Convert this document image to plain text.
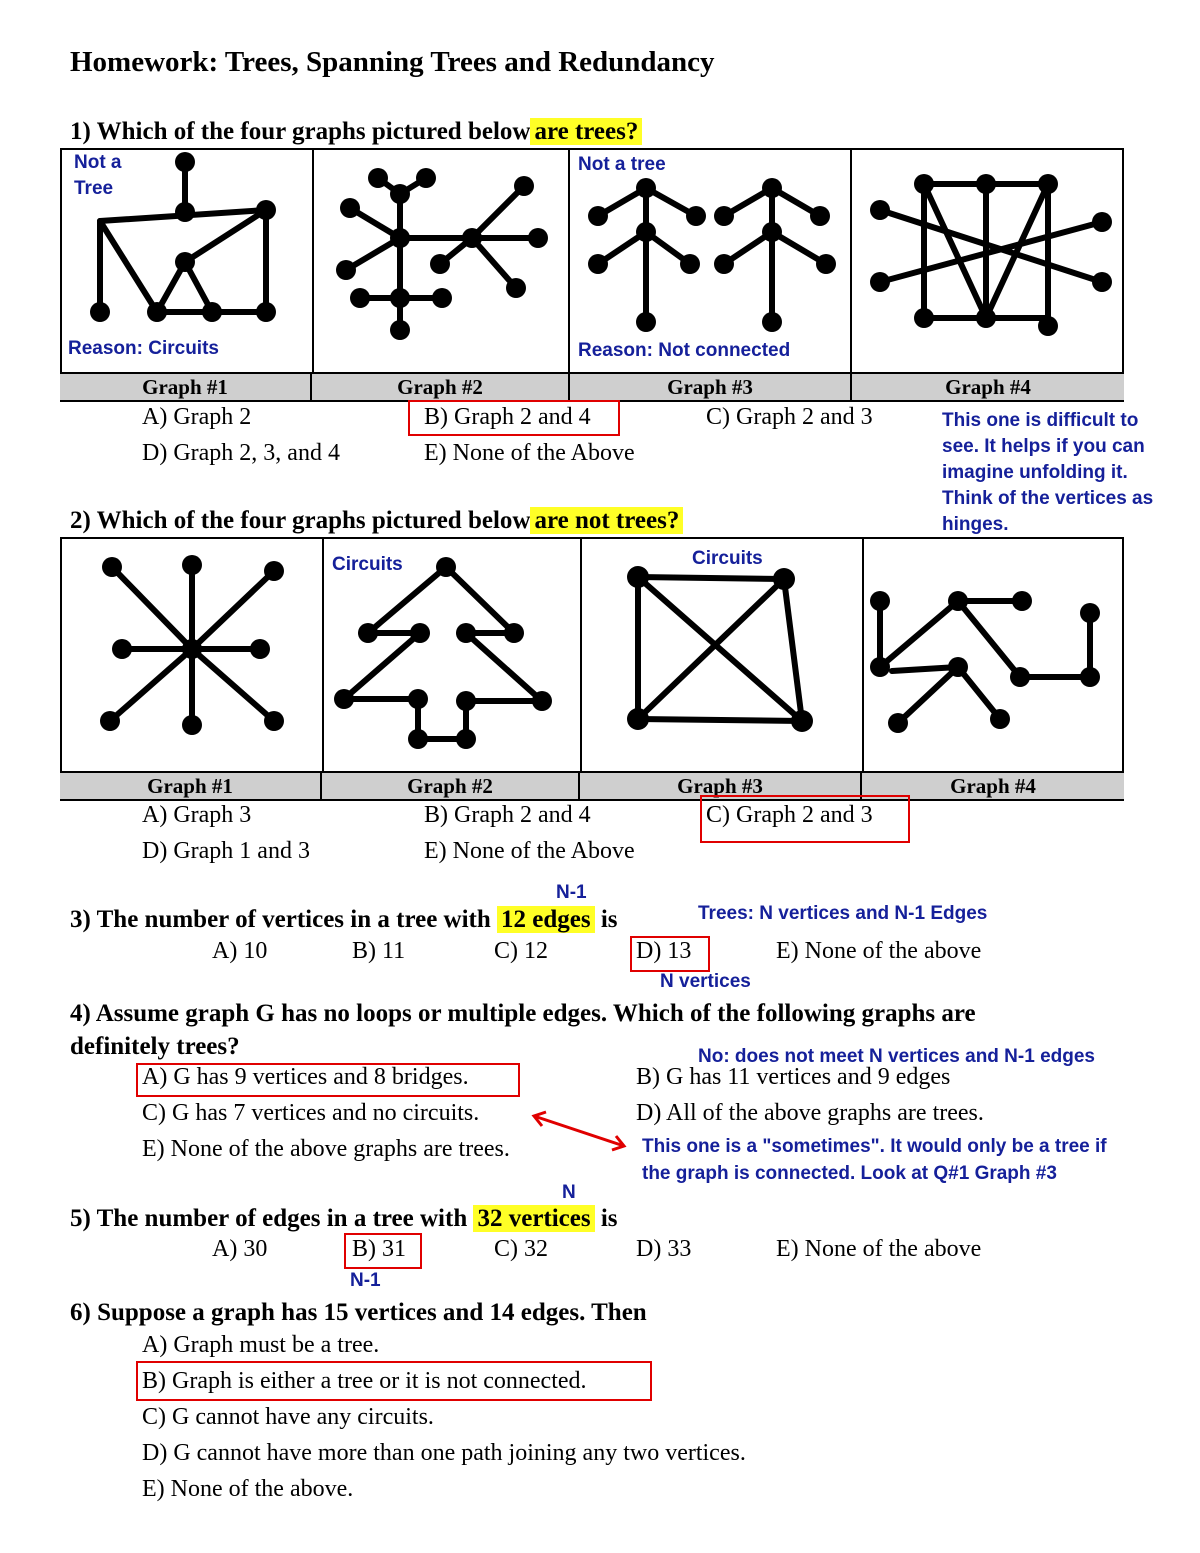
Homework: Trees, Spanning Trees and Redundancy
1) Which of the four graphs pictured below are trees?
Graph #1	Graph #2	Graph #3	Graph #4
Not a
Tree
Reason: Circuits
Not a tree
Reason: Not connected
A) Graph 2	B) Graph 2 and 4	C) Graph 2 and 3
D) Graph 2, 3, and 4	E) None of the Above
This one is difficult to
see. It helps if you can
imagine unfolding it.
Think of the vertices as
hinges.
2) Which of the four graphs pictured below are not trees?
Graph #1	Graph #2	Graph #3	Graph #4
Circuits	Circuits
A) Graph 3	B) Graph 2 and 4	C) Graph 2 and 3
D) Graph 1 and 3	E) None of the Above
N-1
3) The number of vertices in a tree with 12 edges is	Trees: N vertices and N-1 Edges
A) 10	B) 11	C) 12	D) 13	E) None of the above
N vertices
4) Assume graph G has no loops or multiple edges. Which of the following graphs are
definitely trees?	No: does not meet N vertices and N-1 edges
A) G has 9 vertices and 8 bridges.	B) G has 11 vertices and 9 edges
C) G has 7 vertices and no circuits.	D) All of the above graphs are trees.
E) None of the above graphs are trees.	This one is a "sometimes". It would only be a tree if
the graph is connected. Look at Q#1 Graph #3
N
5) The number of edges in a tree with 32 vertices is
A) 30	B) 31	C) 32	D) 33	E) None of the above
N-1
6) Suppose a graph has 15 vertices and 14 edges. Then
A) Graph must be a tree.
B) Graph is either a tree or it is not connected.
C) G cannot have any circuits.
D) G cannot have more than one path joining any two vertices.
E) None of the above.
